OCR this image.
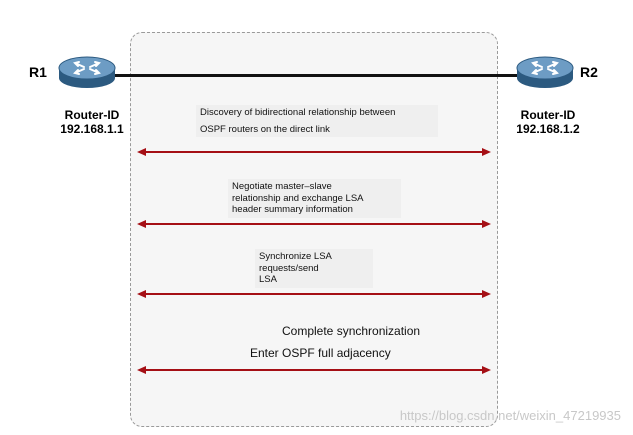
R1
Router-ID
192.168.1.1
R2
Router-ID
192.168.1.2
Discovery of bidirectional relationship between
OSPF routers on the direct link
Negotiate master–slave
relationship and exchange LSA
header summary information
Synchronize LSA
requests/send
LSA
Complete synchronization
Enter OSPF full adjacency
https://blog.csdn.net/weixin_47219935
